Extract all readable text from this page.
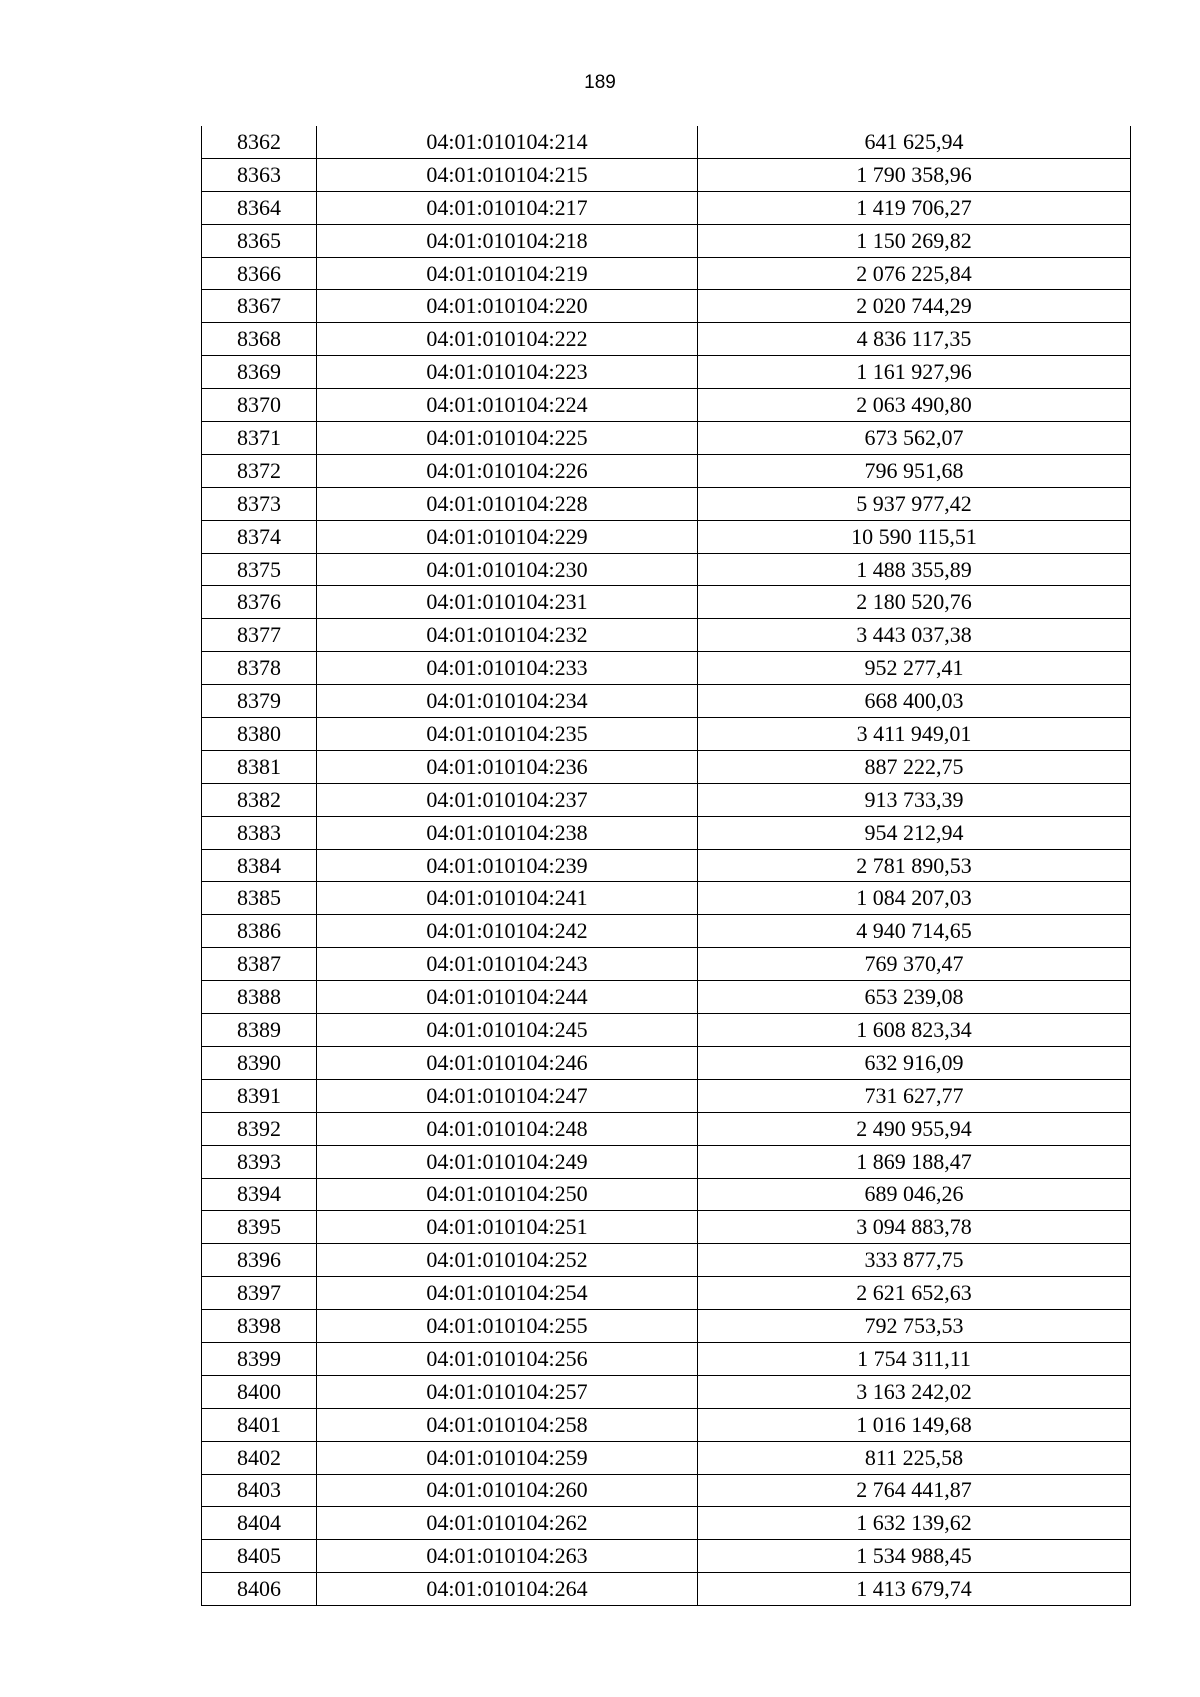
189
8362	04:01:010104:214	641 625,94
8363	04:01:010104:215	1 790 358,96
8364	04:01:010104:217	1 419 706,27
8365	04:01:010104:218	1 150 269,82
8366	04:01:010104:219	2 076 225,84
8367	04:01:010104:220	2 020 744,29
8368	04:01:010104:222	4 836 117,35
8369	04:01:010104:223	1 161 927,96
8370	04:01:010104:224	2 063 490,80
8371	04:01:010104:225	673 562,07
8372	04:01:010104:226	796 951,68
8373	04:01:010104:228	5 937 977,42
8374	04:01:010104:229	10 590 115,51
8375	04:01:010104:230	1 488 355,89
8376	04:01:010104:231	2 180 520,76
8377	04:01:010104:232	3 443 037,38
8378	04:01:010104:233	952 277,41
8379	04:01:010104:234	668 400,03
8380	04:01:010104:235	3 411 949,01
8381	04:01:010104:236	887 222,75
8382	04:01:010104:237	913 733,39
8383	04:01:010104:238	954 212,94
8384	04:01:010104:239	2 781 890,53
8385	04:01:010104:241	1 084 207,03
8386	04:01:010104:242	4 940 714,65
8387	04:01:010104:243	769 370,47
8388	04:01:010104:244	653 239,08
8389	04:01:010104:245	1 608 823,34
8390	04:01:010104:246	632 916,09
8391	04:01:010104:247	731 627,77
8392	04:01:010104:248	2 490 955,94
8393	04:01:010104:249	1 869 188,47
8394	04:01:010104:250	689 046,26
8395	04:01:010104:251	3 094 883,78
8396	04:01:010104:252	333 877,75
8397	04:01:010104:254	2 621 652,63
8398	04:01:010104:255	792 753,53
8399	04:01:010104:256	1 754 311,11
8400	04:01:010104:257	3 163 242,02
8401	04:01:010104:258	1 016 149,68
8402	04:01:010104:259	811 225,58
8403	04:01:010104:260	2 764 441,87
8404	04:01:010104:262	1 632 139,62
8405	04:01:010104:263	1 534 988,45
8406	04:01:010104:264	1 413 679,74
